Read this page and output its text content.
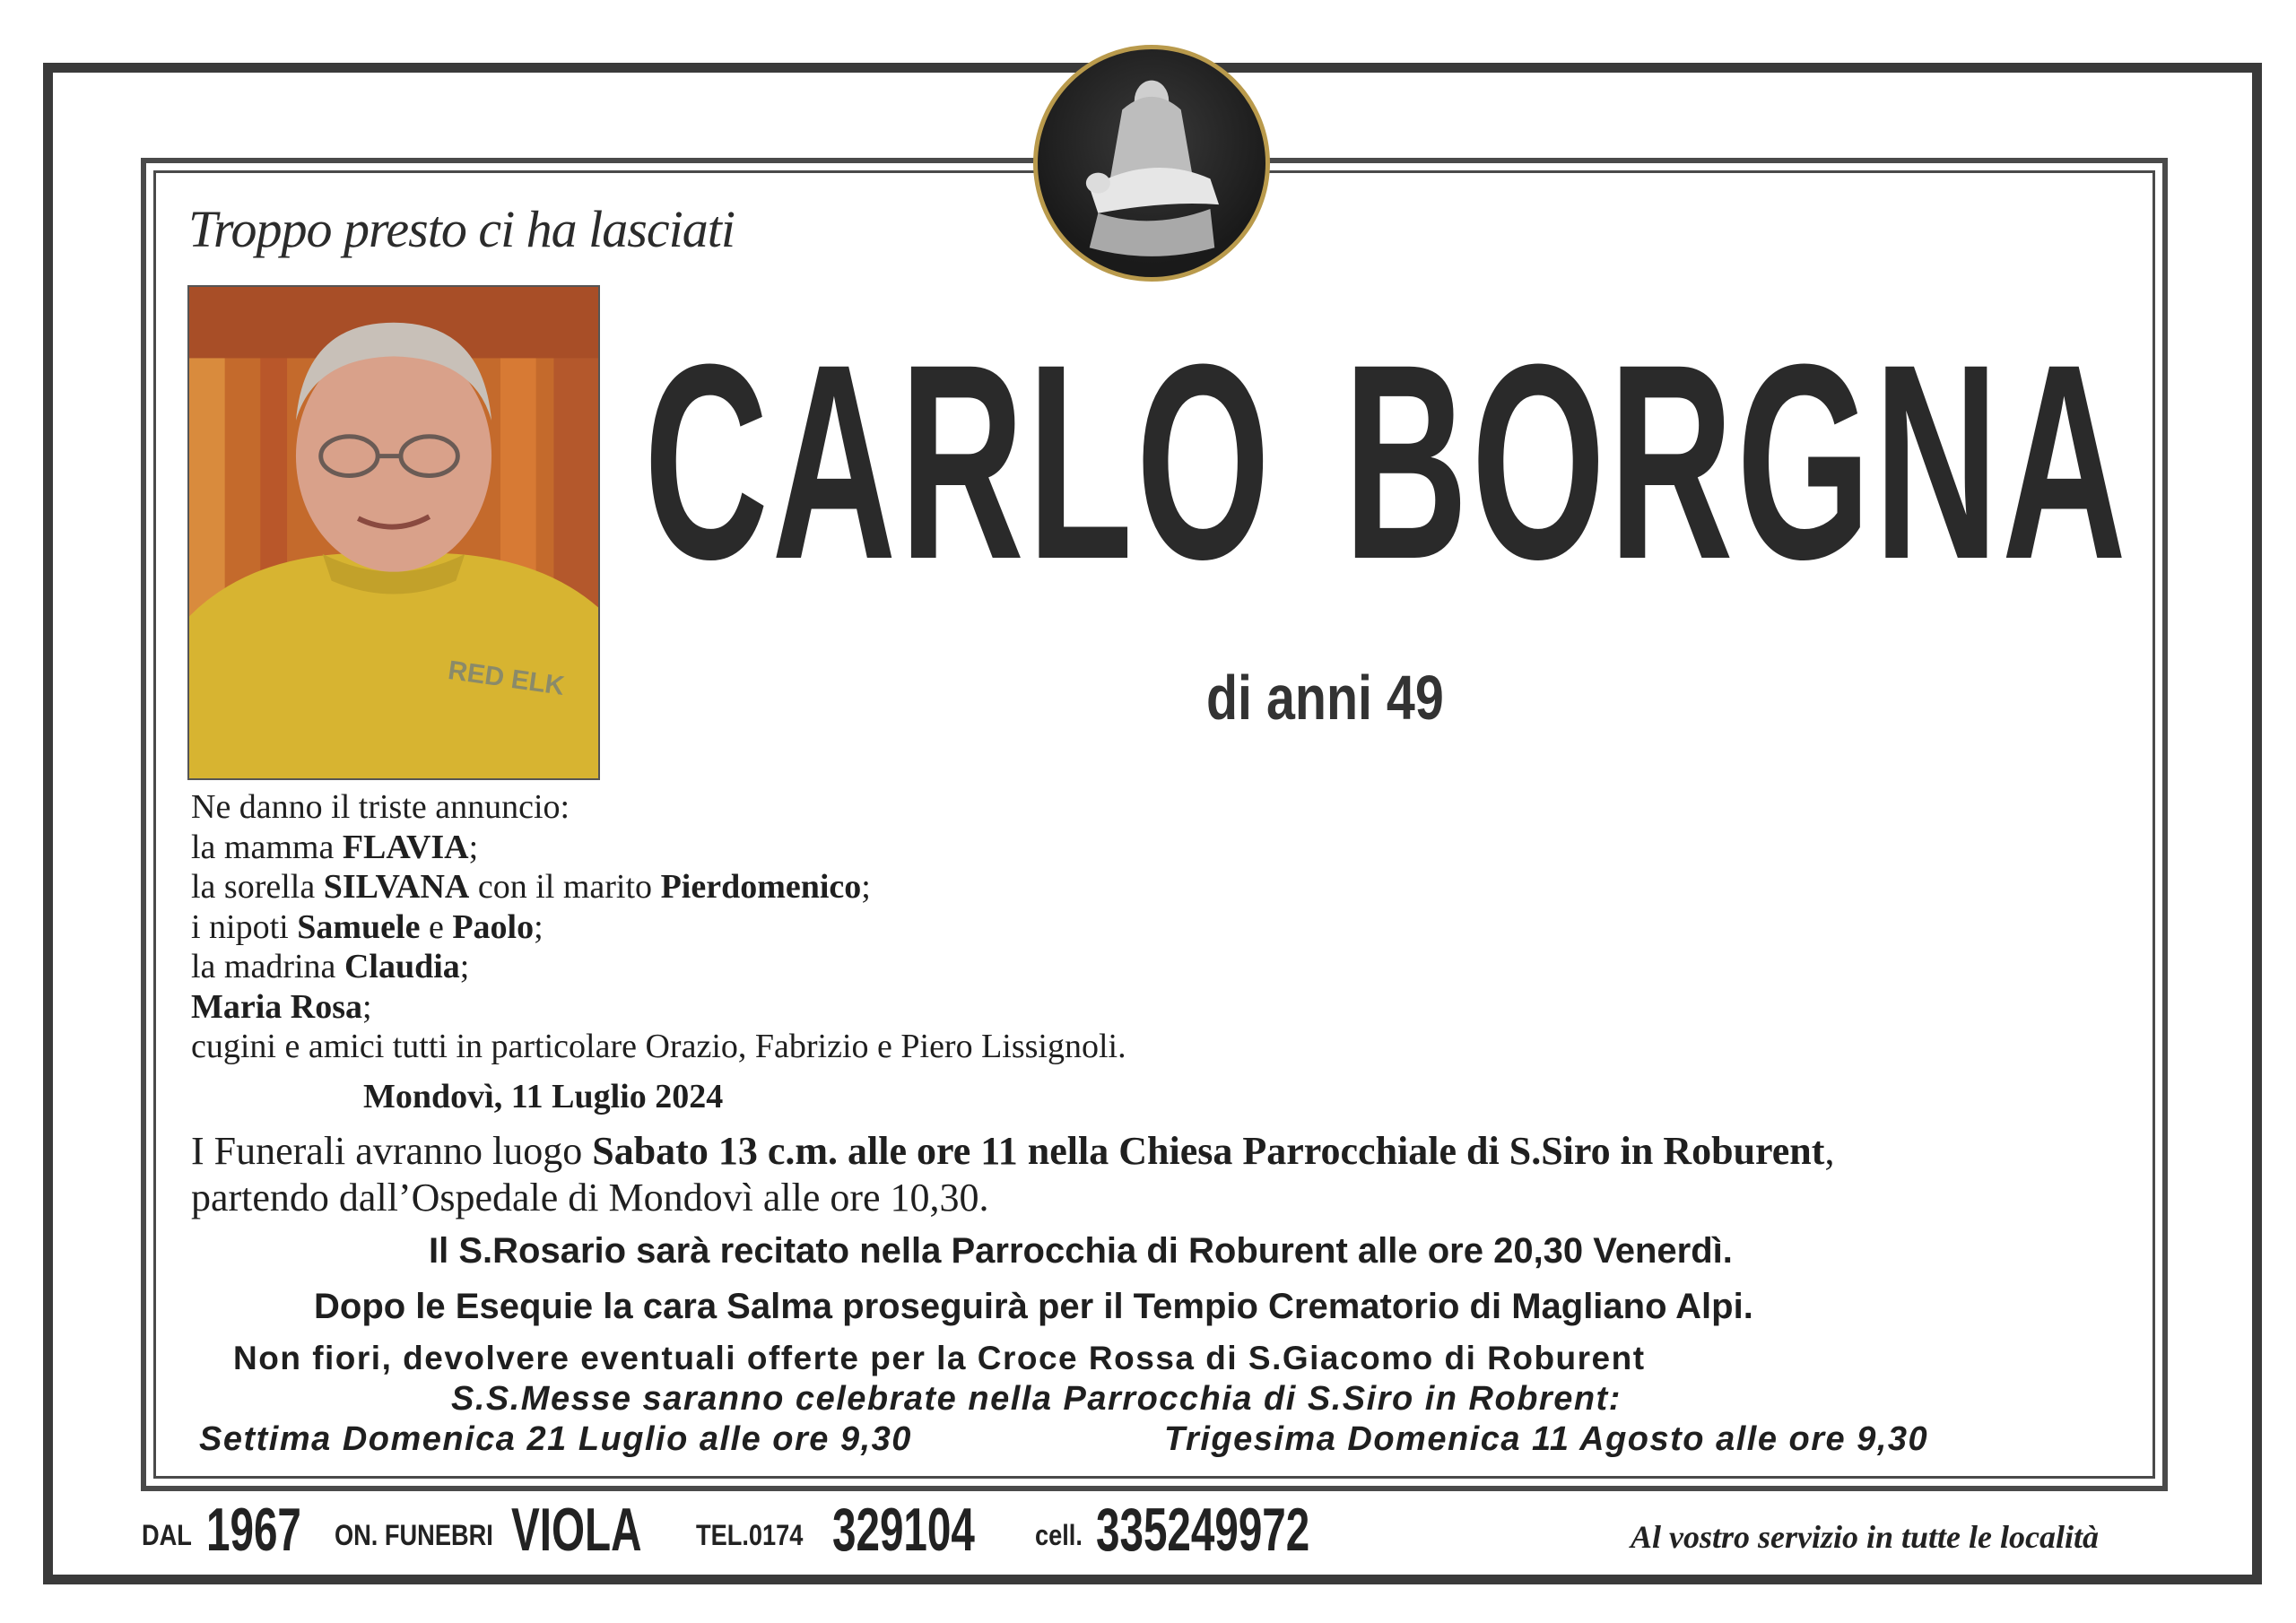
Troppo presto ci ha lasciati
RED ELK
CARLO BORGNA
di anni 49
Ne danno il triste annuncio:
la mamma FLAVIA;
la sorella SILVANA con il marito Pierdomenico;
i nipoti Samuele e Paolo;
la madrina Claudia;
Maria Rosa;
cugini e amici tutti in particolare Orazio, Fabrizio e Piero Lissignoli.
Mondovì, 11 Luglio 2024
I Funerali avranno luogo Sabato 13 c.m. alle ore 11 nella Chiesa Parrocchiale di S.Siro in Roburent,
partendo dall’Ospedale di Mondovì alle ore 10,30.
Il S.Rosario sarà recitato nella Parrocchia di Roburent alle ore 20,30 Venerdì.
Dopo le Esequie la cara Salma proseguirà per il Tempio Crematorio di Magliano Alpi.
Non fiori, devolvere eventuali offerte per la Croce Rossa di S.Giacomo di Roburent
S.S.Messe saranno celebrate nella Parrocchia di S.Siro in Robrent:
Settima Domenica 21 Luglio alle ore 9,30	Trigesima Domenica 11 Agosto alle ore 9,30
DAL 1967 ON. FUNEBRI VIOLA TEL.0174 329104 cell. 335249972	Al vostro servizio in tutte le località
